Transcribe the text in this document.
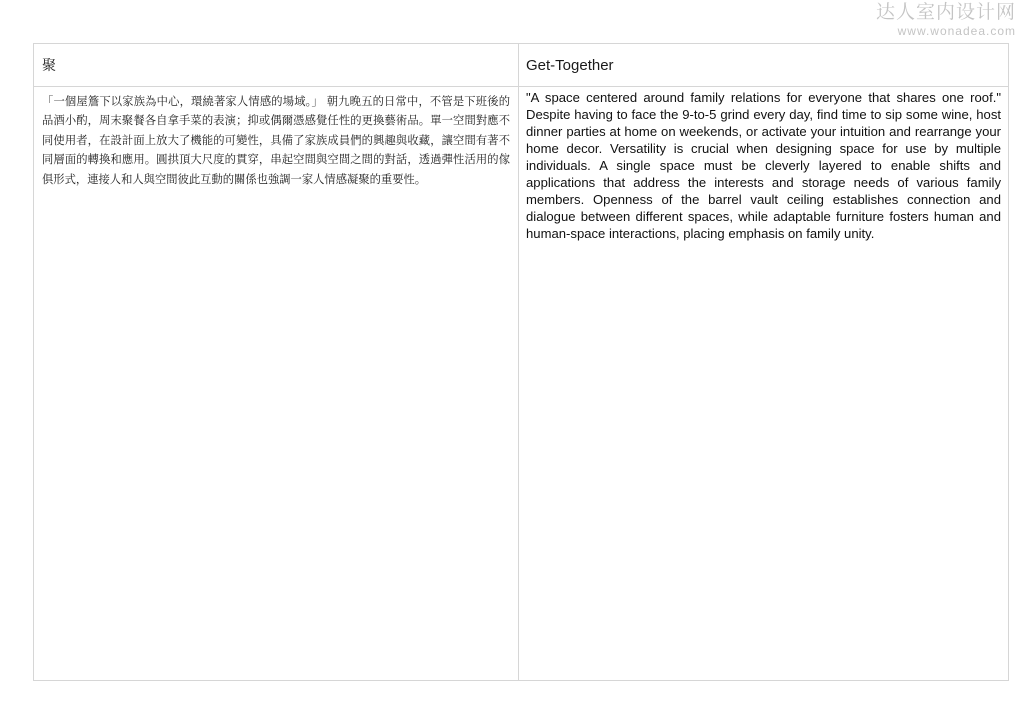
达人室内设计网
www.wonadea.com
聚	Get-Together
「一個屋簷下以家族為中心，環繞著家人情感的場域。」 朝九晚五的日常中，不管是下班後的品酒小酌，周末聚餐各自拿手菜的表演；抑或偶爾憑感覺任性的更換藝術品。單一空間對應不同使用者，在設計面上放大了機能的可變性，具備了家族成員們的興趣與收藏，讓空間有著不同層面的轉換和應用。圓拱頂大尺度的貫穿，串起空間與空間之間的對話，透過彈性活用的傢俱形式，連接人和人與空間彼此互動的關係也強調一家人情感凝聚的重要性。
"A space centered around family relations for everyone that shares one roof." Despite having to face the 9-to-5 grind every day, find time to sip some wine, host dinner parties at home on weekends, or activate your intuition and rearrange your home decor. Versatility is crucial when designing space for use by multiple individuals. A single space must be cleverly layered to enable shifts and applications that address the interests and storage needs of various family members. Openness of the barrel vault ceiling establishes connection and dialogue between different spaces, while adaptable furniture fosters human and human-space interactions, placing emphasis on family unity.
